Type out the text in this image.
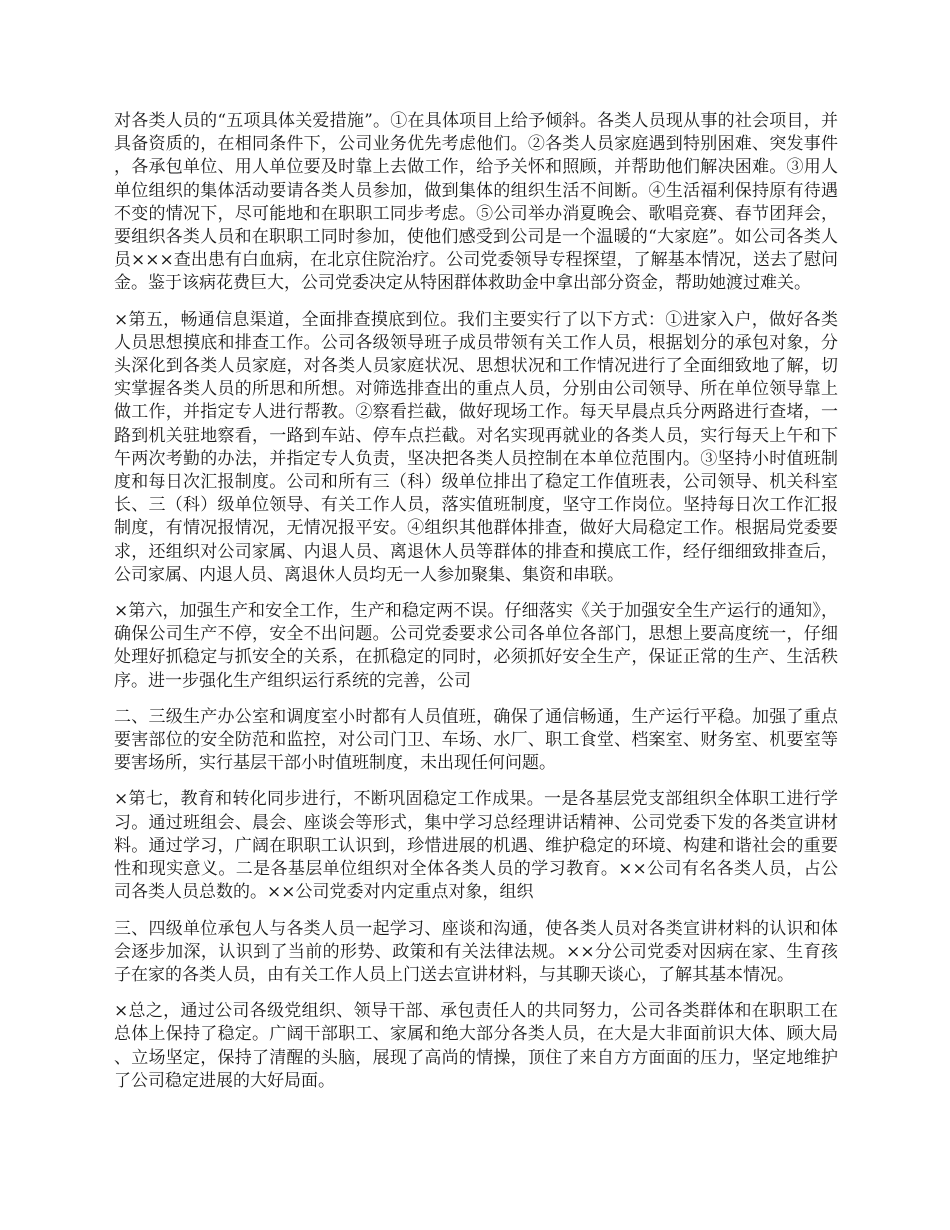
对各类人员的“五项具体关爱措施”。①在具体项目上给予倾斜。各类人员现从事的社会项目，并具备资质的，在相同条件下，公司业务优先考虑他们。②各类人员家庭遇到特别困难、突发事件，各承包单位、用人单位要及时靠上去做工作，给予关怀和照顾，并帮助他们解决困难。③用人单位组织的集体活动要请各类人员参加，做到集体的组织生活不间断。④生活福利保持原有待遇不变的情况下，尽可能地和在职职工同步考虑。⑤公司举办消夏晚会、歌唱竞赛、春节团拜会，要组织各类人员和在职职工同时参加，使他们感受到公司是一个温暖的“大家庭”。如公司各类人员×××查出患有白血病，在北京住院治疗。公司党委领导专程探望，了解基本情况，送去了慰问金。鉴于该病花费巨大，公司党委决定从特困群体救助金中拿出部分资金，帮助她渡过难关。

×第五，畅通信息渠道，全面排查摸底到位。我们主要实行了以下方式：①进家入户，做好各类人员思想摸底和排查工作。公司各级领导班子成员带领有关工作人员，根据划分的承包对象，分头深化到各类人员家庭，对各类人员家庭状况、思想状况和工作情况进行了全面细致地了解，切实掌握各类人员的所思和所想。对筛选排查出的重点人员，分别由公司领导、所在单位领导靠上做工作，并指定专人进行帮教。②察看拦截，做好现场工作。每天早晨点兵分两路进行查堵，一路到机关驻地察看，一路到车站、停车点拦截。对名实现再就业的各类人员，实行每天上午和下午两次考勤的办法，并指定专人负责，坚决把各类人员控制在本单位范围内。③坚持小时值班制度和每日次汇报制度。公司和所有三（科）级单位排出了稳定工作值班表，公司领导、机关科室长、三（科）级单位领导、有关工作人员，落实值班制度，坚守工作岗位。坚持每日次工作汇报制度，有情况报情况，无情况报平安。④组织其他群体排查，做好大局稳定工作。根据局党委要求，还组织对公司家属、内退人员、离退休人员等群体的排查和摸底工作，经仔细细致排查后，公司家属、内退人员、离退休人员均无一人参加聚集、集资和串联。

×第六，加强生产和安全工作，生产和稳定两不误。仔细落实《关于加强安全生产运行的通知》，确保公司生产不停，安全不出问题。公司党委要求公司各单位各部门，思想上要高度统一，仔细处理好抓稳定与抓安全的关系，在抓稳定的同时，必须抓好安全生产，保证正常的生产、生活秩序。进一步强化生产组织运行系统的完善，公司

二、三级生产办公室和调度室小时都有人员值班，确保了通信畅通，生产运行平稳。加强了重点要害部位的安全防范和监控，对公司门卫、车场、水厂、职工食堂、档案室、财务室、机要室等要害场所，实行基层干部小时值班制度，未出现任何问题。

×第七，教育和转化同步进行，不断巩固稳定工作成果。一是各基层党支部组织全体职工进行学习。通过班组会、晨会、座谈会等形式，集中学习总经理讲话精神、公司党委下发的各类宣讲材料。通过学习，广阔在职职工认识到，珍惜进展的机遇、维护稳定的环境、构建和谐社会的重要性和现实意义。二是各基层单位组织对全体各类人员的学习教育。××公司有名各类人员，占公司各类人员总数的。××公司党委对内定重点对象，组织

三、四级单位承包人与各类人员一起学习、座谈和沟通，使各类人员对各类宣讲材料的认识和体会逐步加深，认识到了当前的形势、政策和有关法律法规。××分公司党委对因病在家、生育孩子在家的各类人员，由有关工作人员上门送去宣讲材料，与其聊天谈心，了解其基本情况。

×总之，通过公司各级党组织、领导干部、承包责任人的共同努力，公司各类群体和在职职工在总体上保持了稳定。广阔干部职工、家属和绝大部分各类人员，在大是大非面前识大体、顾大局、立场坚定，保持了清醒的头脑，展现了高尚的情操，顶住了来自方方面面的压力，坚定地维护了公司稳定进展的大好局面。
